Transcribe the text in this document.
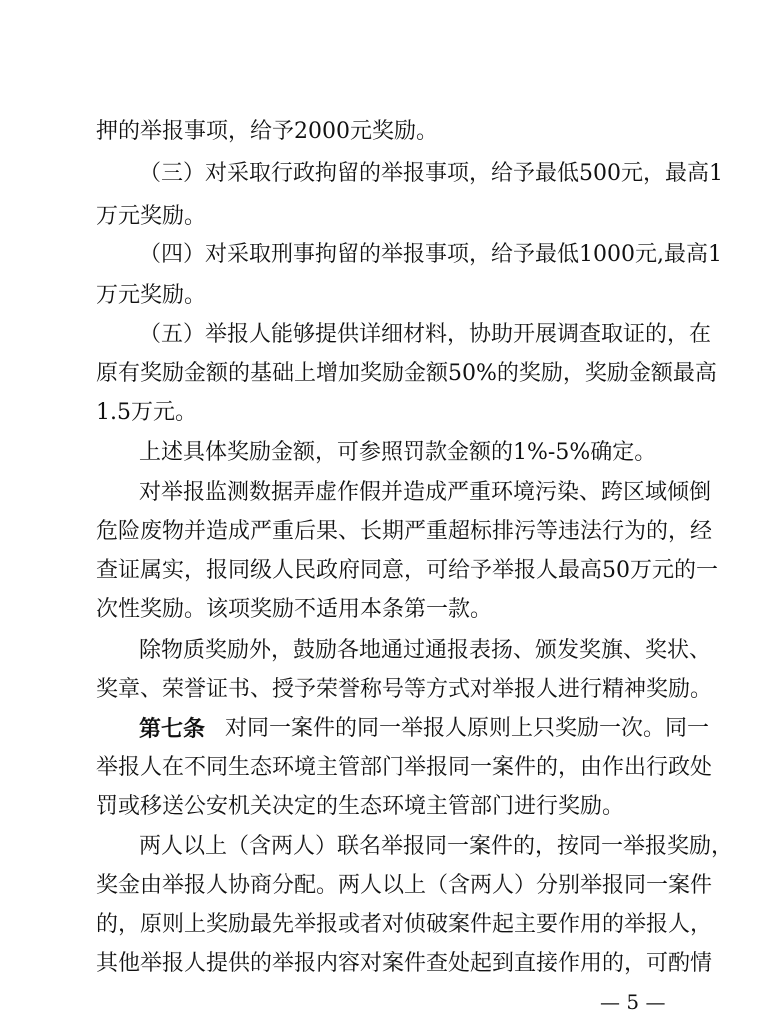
押的举报事项，给予2000元奖励。
（三）对采取行政拘留的举报事项，给予最低500元，最高1
万元奖励。
（四）对采取刑事拘留的举报事项，给予最低1000元,最高1
万元奖励。
（五）举报人能够提供详细材料，协助开展调查取证的，在
原有奖励金额的基础上增加奖励金额50%的奖励，奖励金额最高
1.5万元。
上述具体奖励金额，可参照罚款金额的1%-5%确定。
对举报监测数据弄虚作假并造成严重环境污染、跨区域倾倒
危险废物并造成严重后果、长期严重超标排污等违法行为的，经
查证属实，报同级人民政府同意，可给予举报人最高50万元的一
次性奖励。该项奖励不适用本条第一款。
除物质奖励外，鼓励各地通过通报表扬、颁发奖旗、奖状、
奖章、荣誉证书、授予荣誉称号等方式对举报人进行精神奖励。
第七条 对同一案件的同一举报人原则上只奖励一次。同一
举报人在不同生态环境主管部门举报同一案件的，由作出行政处
罚或移送公安机关决定的生态环境主管部门进行奖励。
两人以上（含两人）联名举报同一案件的，按同一举报奖励，
奖金由举报人协商分配。两人以上（含两人）分别举报同一案件
的，原则上奖励最先举报或者对侦破案件起主要作用的举报人，
其他举报人提供的举报内容对案件查处起到直接作用的，可酌情
— 5 —
